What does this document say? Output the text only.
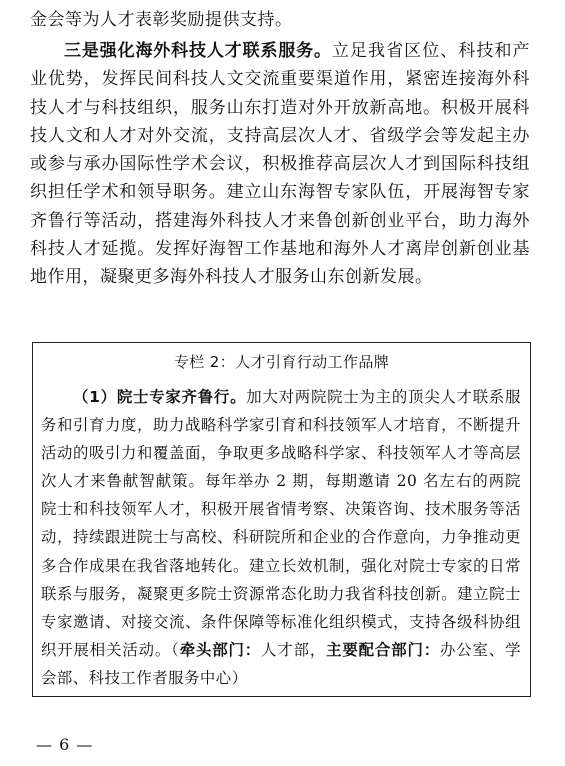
金会等为人才表彰奖励提供支持。

三是强化海外科技人才联系服务。立足我省区位、科技和产业优势，发挥民间科技人文交流重要渠道作用，紧密连接海外科技人才与科技组织，服务山东打造对外开放新高地。积极开展科技人文和人才对外交流，支持高层次人才、省级学会等发起主办或参与承办国际性学术会议，积极推荐高层次人才到国际科技组织担任学术和领导职务。建立山东海智专家队伍，开展海智专家齐鲁行等活动，搭建海外科技人才来鲁创新创业平台，助力海外科技人才延揽。发挥好海智工作基地和海外人才离岸创新创业基地作用，凝聚更多海外科技人才服务山东创新发展。

专栏 2：人才引育行动工作品牌

（1）院士专家齐鲁行。加大对两院院士为主的顶尖人才联系服务和引育力度，助力战略科学家引育和科技领军人才培育，不断提升活动的吸引力和覆盖面，争取更多战略科学家、科技领军人才等高层次人才来鲁献智献策。每年举办 2 期，每期邀请 20 名左右的两院院士和科技领军人才，积极开展省情考察、决策咨询、技术服务等活动，持续跟进院士与高校、科研院所和企业的合作意向，力争推动更多合作成果在我省落地转化。建立长效机制，强化对院士专家的日常联系与服务，凝聚更多院士资源常态化助力我省科技创新。建立院士专家邀请、对接交流、条件保障等标准化组织模式，支持各级科协组织开展相关活动。（牵头部门：人才部，主要配合部门：办公室、学会部、科技工作者服务中心）

— 6 —
